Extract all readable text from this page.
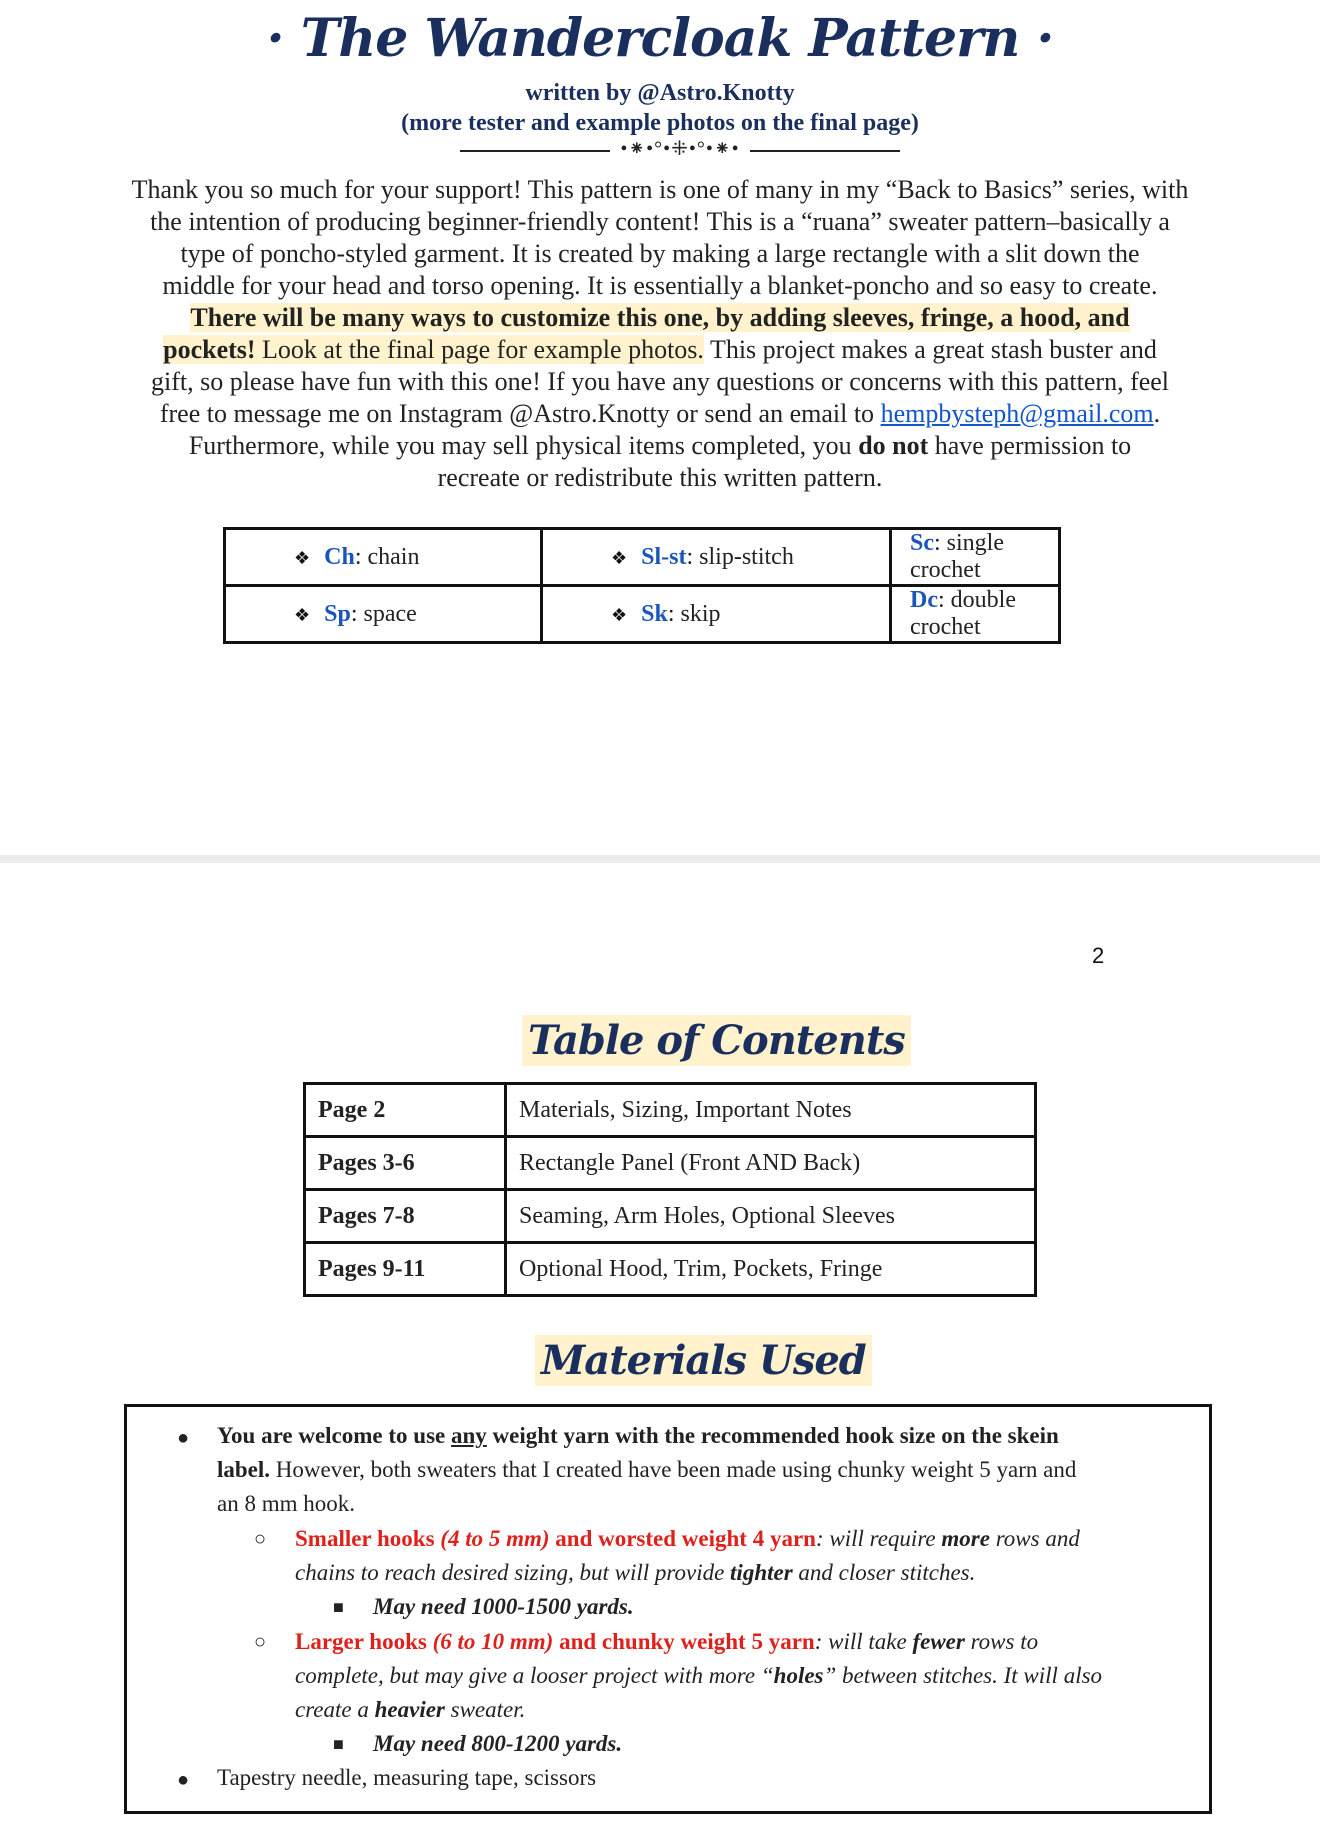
· The Wandercloak Pattern ·
written by @Astro.Knotty
(more tester and example photos on the final page)
•⁕•°•⁜•°•⁕•
Thank you so much for your support! This pattern is one of many in my “Back to Basics” series, with
the intention of producing beginner-friendly content! This is a “ruana” sweater pattern–basically a
type of poncho-styled garment. It is created by making a large rectangle with a slit down the
middle for your head and torso opening. It is essentially a blanket-poncho and so easy to create.
There will be many ways to customize this one, by adding sleeves, fringe, a hood, and
pockets! Look at the final page for example photos. This project makes a great stash buster and
gift, so please have fun with this one! If you have any questions or concerns with this pattern, feel
free to message me on Instagram @Astro.Knotty or send an email to hempbysteph@gmail.com.
Furthermore, while you may sell physical items completed, you do not have permission to
recreate or redistribute this written pattern.
❖ Ch: chain	❖ Sl-st: slip-stitch	Sc: single crochet
❖ Sp: space	❖ Sk: skip	Dc: double crochet
2
Table of Contents
Page 2	Materials, Sizing, Important Notes
Pages 3-6	Rectangle Panel (Front AND Back)
Pages 7-8	Seaming, Arm Holes, Optional Sleeves
Pages 9-11	Optional Hood, Trim, Pockets, Fringe
Materials Used
● You are welcome to use any weight yarn with the recommended hook size on the skein
label. However, both sweaters that I created have been made using chunky weight 5 yarn and
an 8 mm hook.
○ Smaller hooks (4 to 5 mm) and worsted weight 4 yarn: will require more rows and
chains to reach desired sizing, but will provide tighter and closer stitches.
■ May need 1000-1500 yards.
○ Larger hooks (6 to 10 mm) and chunky weight 5 yarn: will take fewer rows to
complete, but may give a looser project with more “holes” between stitches. It will also
create a heavier sweater.
■ May need 800-1200 yards.
● Tapestry needle, measuring tape, scissors
